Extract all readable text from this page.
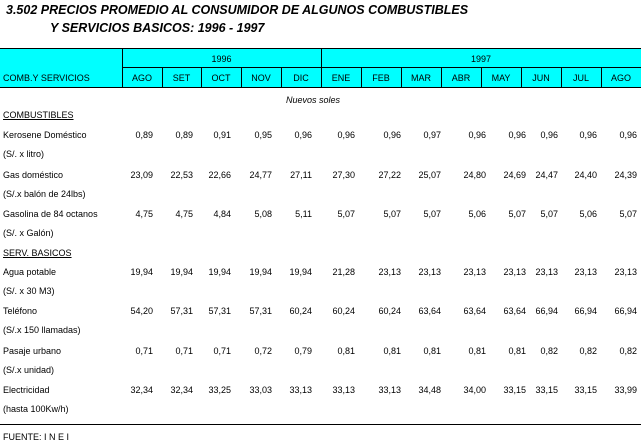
3.502 PRECIOS PROMEDIO AL CONSUMIDOR DE ALGUNOS COMBUSTIBLES
Y SERVICIOS BASICOS: 1996 - 1997
1996	1997
COMB.Y SERVICIOS	AGO	SET	OCT	NOV	DIC	ENE	FEB	MAR	ABR	MAY	JUN	JUL	AGO
Nuevos soles
COMBUSTIBLES
Kerosene Doméstico
(S/. x litro)
0,89	0,89	0,91	0,95	0,96	0,96	0,96	0,97	0,96	0,96	0,96	0,96	0,96
Gas doméstico
(S/.x balón de 24lbs)
23,09	22,53	22,66	24,77	27,11	27,30	27,22	25,07	24,80	24,69	24,47	24,40	24,39
Gasolina de 84 octanos
(S/. x Galón)
4,75	4,75	4,84	5,08	5,11	5,07	5,07	5,07	5,06	5,07	5,07	5,06	5,07
SERV. BASICOS
Agua potable
(S/. x 30 M3)
19,94	19,94	19,94	19,94	19,94	21,28	23,13	23,13	23,13	23,13	23,13	23,13	23,13
Teléfono
(S/.x 150 llamadas)
54,20	57,31	57,31	57,31	60,24	60,24	60,24	63,64	63,64	63,64	66,94	66,94	66,94
Pasaje urbano
(S/.x unidad)
0,71	0,71	0,71	0,72	0,79	0,81	0,81	0,81	0,81	0,81	0,82	0,82	0,82
Electricidad
(hasta 100Kw/h)
32,34	32,34	33,25	33,03	33,13	33,13	33,13	34,48	34,00	33,15	33,15	33,15	33,99
FUENTE: I N E I
